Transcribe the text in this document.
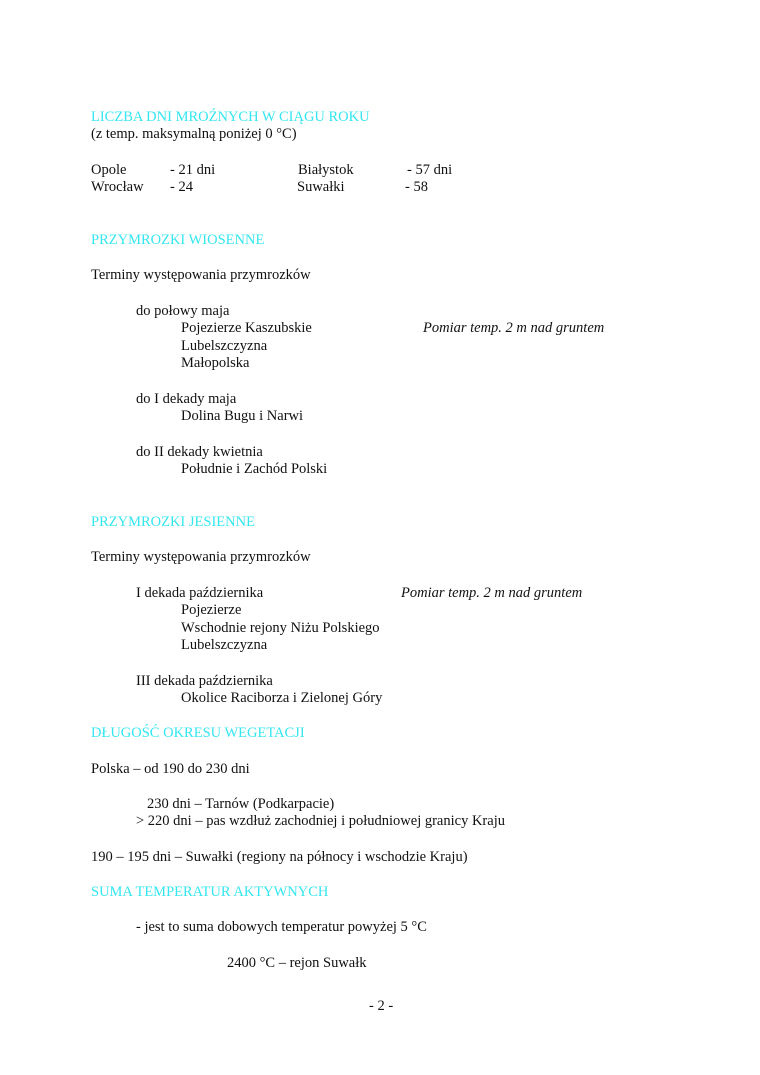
LICZBA DNI MROŹNYCH W CIĄGU ROKU
(z temp. maksymalną poniżej 0 °C)
Opole	- 21 dni	Białystok	- 57 dni
Wrocław - 24	Suwałki	- 58
PRZYMROZKI WIOSENNE
Terminy występowania przymrozków
do połowy maja
Pojezierze Kaszubskie	Pomiar temp. 2 m nad gruntem
Lubelszczyzna
Małopolska
do I dekady maja
Dolina Bugu i Narwi
do II dekady kwietnia
Południe i Zachód Polski
PRZYMROZKI JESIENNE
Terminy występowania przymrozków
I dekada października	Pomiar temp. 2 m nad gruntem
Pojezierze
Wschodnie rejony Niżu Polskiego
Lubelszczyzna
III dekada października
Okolice Raciborza i Zielonej Góry
DŁUGOŚĆ OKRESU WEGETACJI
Polska – od 190 do 230 dni
230 dni – Tarnów (Podkarpacie)
> 220 dni – pas wzdłuż zachodniej i południowej granicy Kraju
190 – 195 dni – Suwałki (regiony na północy i wschodzie Kraju)
SUMA TEMPERATUR AKTYWNYCH
- jest to suma dobowych temperatur powyżej 5 °C
2400 °C – rejon Suwałk
- 2 -
